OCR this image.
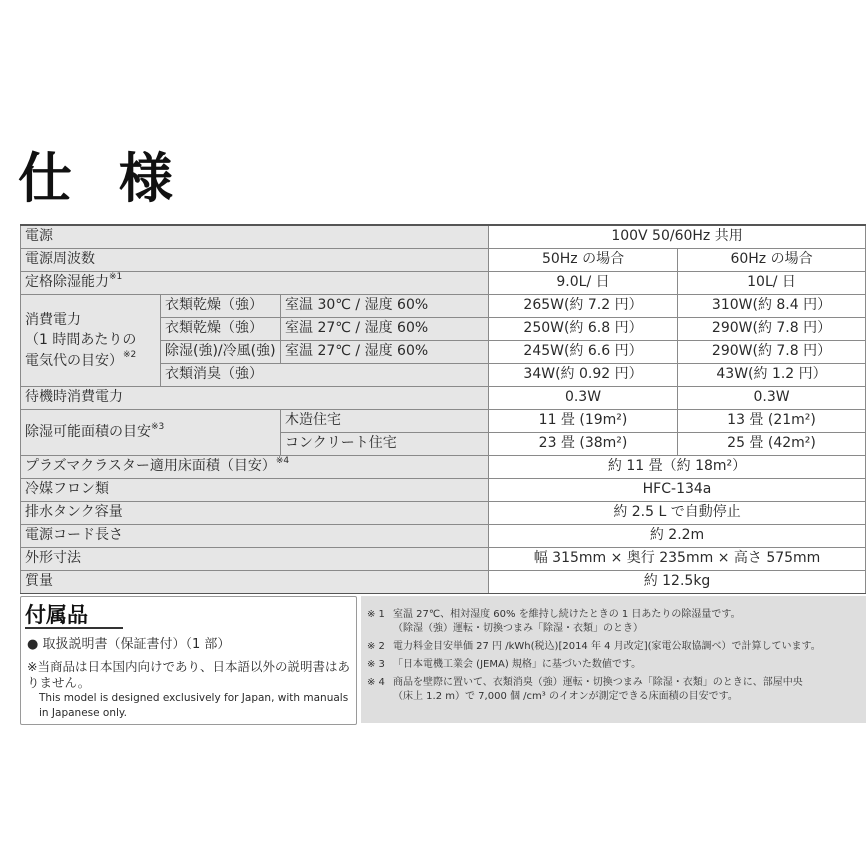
仕 様
電源			100V 50/60Hz 共用	
電源周波数			50Hz の場合	60Hz の場合
定格除湿能力$^{※1}$			9.0L/ 日	10L/ 日
消費電力
（1 時間あたりの
電気代の目安）$^{※2}$	衣類乾燥（強）	室温 30℃ / 湿度 60%	265W(約 7.2 円）	310W(約 8.4 円）
	衣類乾燥（強）	室温 27℃ / 湿度 60%	250W(約 6.8 円）	290W(約 7.8 円）
	除湿(強)/冷風(強)	室温 27℃ / 湿度 60%	245W(約 6.6 円）	290W(約 7.8 円）
	衣類消臭（強）		34W(約 0.92 円）	43W(約 1.2 円）
待機時消費電力			0.3W	0.3W
除湿可能面積の目安$^{※3}$		木造住宅	11 畳 (19m²)	13 畳 (21m²)
		コンクリート住宅	23 畳 (38m²)	25 畳 (42m²)
プラズマクラスター適用床面積（目安）$^{※4}$			約 11 畳（約 18m²）	
冷媒フロン類			HFC-134a	
排水タンク容量			約 2.5 L で自動停止	
電源コード長さ			約 2.2m	
外形寸法			幅 315mm × 奥行 235mm × 高さ 575mm	
質量			約 12.5kg	
付属品
● 取扱説明書（保証書付）（1 部）
※当商品は日本国内向けであり、日本語以外の説明書はありません。
This model is designed exclusively for Japan, with manuals in Japanese only.
※ 1 室温 27℃、相対湿度 60% を維持し続けたときの 1 日あたりの除湿量です。
（除湿（強）運転・切換つまみ「除湿・衣類」のとき）
※ 2 電力料金目安単価 27 円 /kWh(税込)[2014 年 4 月改定](家電公取協調べ）で計算しています。
※ 3 「日本電機工業会 (JEMA) 規格」に基づいた数値です。
※ 4 商品を壁際に置いて、衣類消臭（強）運転・切換つまみ「除湿・衣類」のときに、部屋中央
（床上 1.2 m）で 7,000 個 /cm³ のイオンが測定できる床面積の目安です。
